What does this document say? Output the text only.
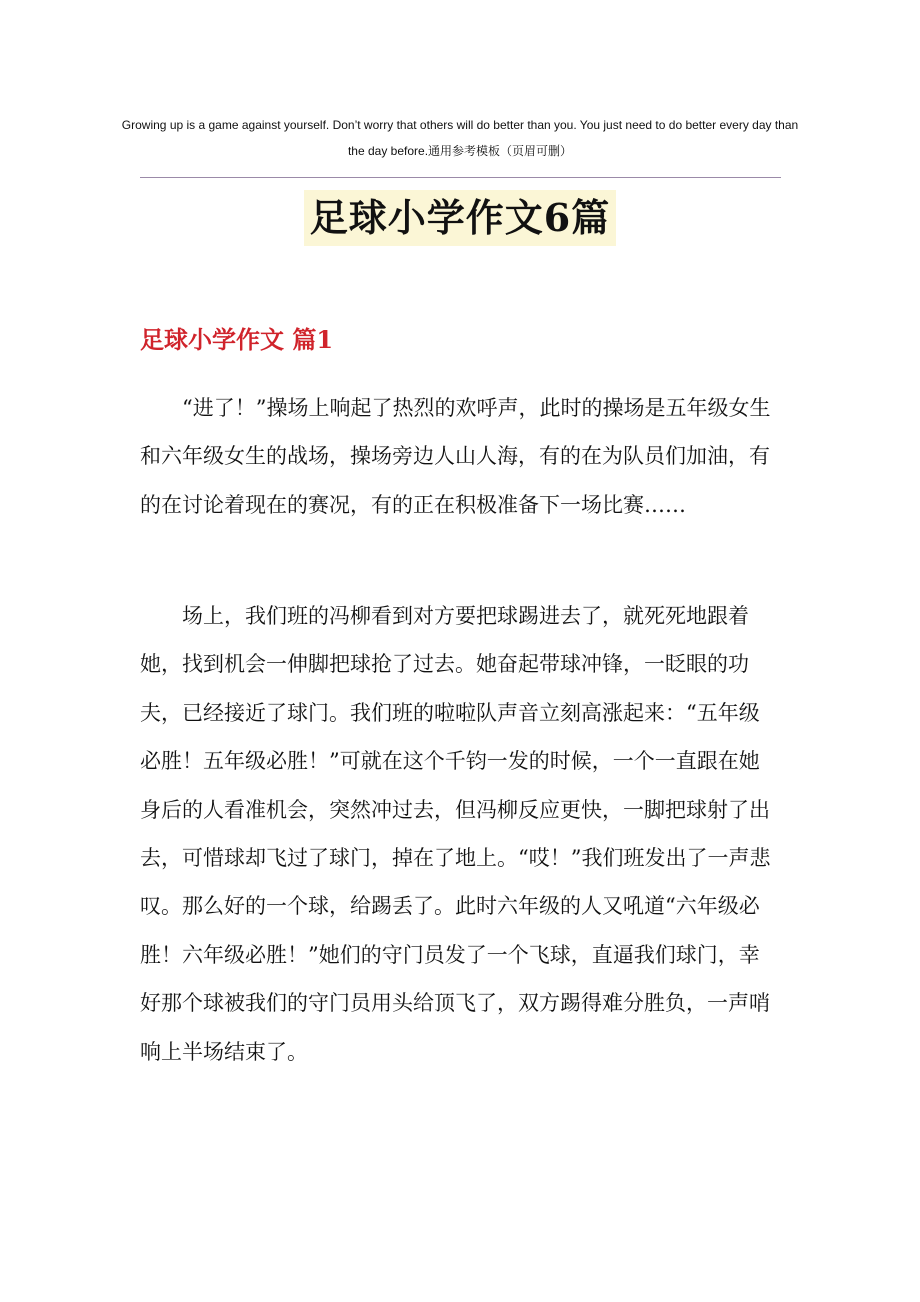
Growing up is a game against yourself. Don’t worry that others will do better than you. You just need to do better every day than the day before.通用参考模板（页眉可删）
足球小学作文6篇
足球小学作文 篇1

“进了！”操场上响起了热烈的欢呼声，此时的操场是五年级女生和六年级女生的战场，操场旁边人山人海，有的在为队员们加油，有的在讨论着现在的赛况，有的正在积极准备下一场比赛……

场上，我们班的冯柳看到对方要把球踢进去了，就死死地跟着她，找到机会一伸脚把球抢了过去。她奋起带球冲锋，一眨眼的功夫，已经接近了球门。我们班的啦啦队声音立刻高涨起来：“五年级必胜！五年级必胜！”可就在这个千钧一发的时候，一个一直跟在她身后的人看准机会，突然冲过去，但冯柳反应更快，一脚把球射了出去，可惜球却飞过了球门，掉在了地上。“哎！”我们班发出了一声悲叹。那么好的一个球，给踢丢了。此时六年级的人又吼道“六年级必胜！六年级必胜！”她们的守门员发了一个飞球，直逼我们球门，幸好那个球被我们的守门员用头给顶飞了，双方踢得难分胜负，一声哨响上半场结束了。
